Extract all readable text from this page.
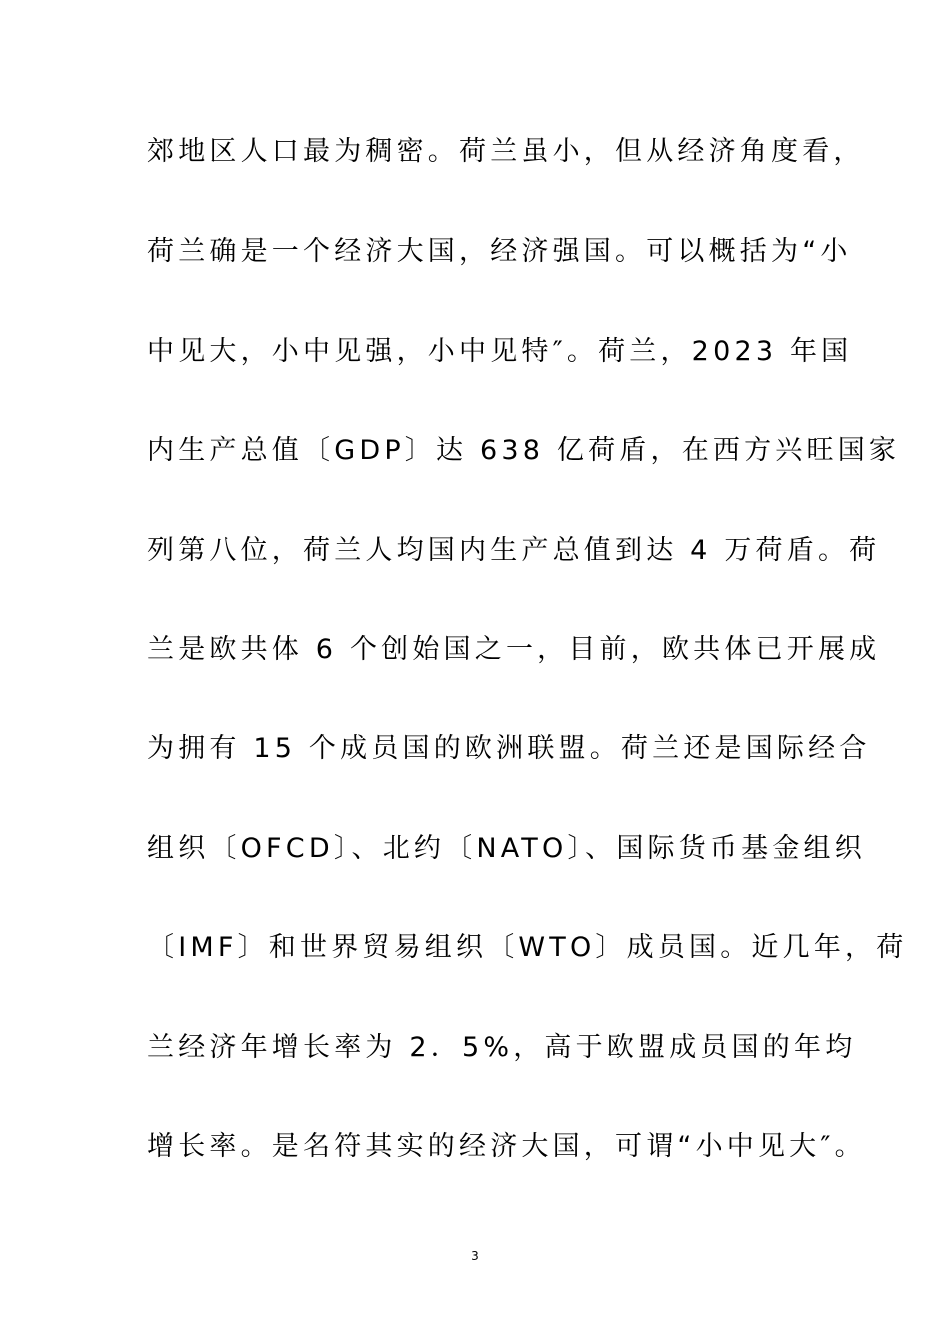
郊地区人口最为稠密。荷兰虽小，但从经济角度看，
荷兰确是一个经济大国，经济强国。可以概括为“小
中见大，小中见强，小中见特″。荷兰，2023 年国
内生产总值〔GDP〕达 638 亿荷盾，在西方兴旺国家
列第八位，荷兰人均国内生产总值到达 4 万荷盾。荷
兰是欧共体 6 个创始国之一，目前，欧共体已开展成
为拥有 15 个成员国的欧洲联盟。荷兰还是国际经合
组织〔OFCD〕、北约〔NATO〕、国际货币基金组织
〔IMF〕和世界贸易组织〔WTO〕成员国。近几年，荷
兰经济年增长率为 2．5%，高于欧盟成员国的年均
增长率。是名符其实的经济大国，可谓“小中见大″。
3
